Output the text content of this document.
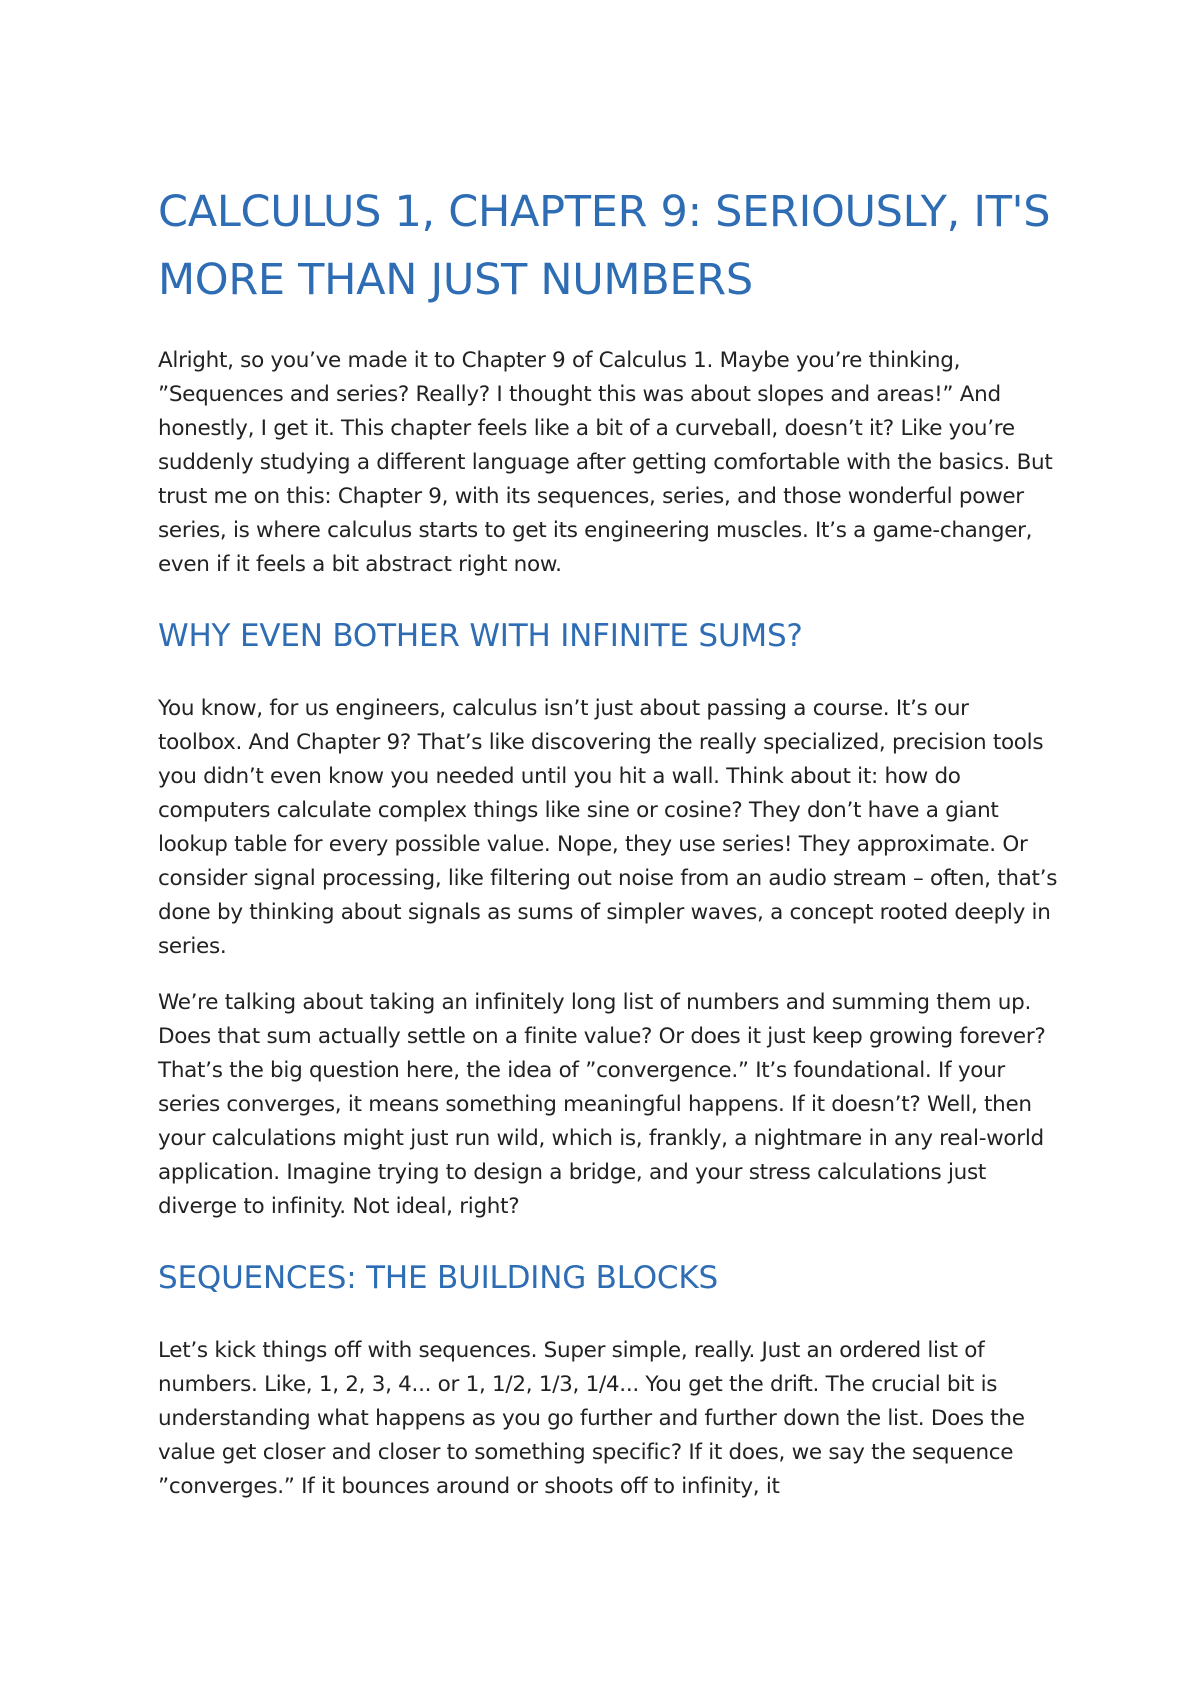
CALCULUS 1, CHAPTER 9: SERIOUSLY, IT'S MORE THAN JUST NUMBERS

Alright, so you’ve made it to Chapter 9 of Calculus 1. Maybe you’re thinking, ”Sequences and series? Really? I thought this was about slopes and areas!” And honestly, I get it. This chapter feels like a bit of a curveball, doesn’t it? Like you’re suddenly studying a different language after getting comfortable with the basics. But trust me on this: Chapter 9, with its sequences, series, and those wonderful power series, is where calculus starts to get its engineering muscles. It’s a game-changer, even if it feels a bit abstract right now.

WHY EVEN BOTHER WITH INFINITE SUMS?

You know, for us engineers, calculus isn’t just about passing a course. It’s our toolbox. And Chapter 9? That’s like discovering the really specialized, precision tools you didn’t even know you needed until you hit a wall. Think about it: how do computers calculate complex things like sine or cosine? They don’t have a giant lookup table for every possible value. Nope, they use series! They approximate. Or consider signal processing, like filtering out noise from an audio stream – often, that’s done by thinking about signals as sums of simpler waves, a concept rooted deeply in series.

We’re talking about taking an infinitely long list of numbers and summing them up. Does that sum actually settle on a finite value? Or does it just keep growing forever? That’s the big question here, the idea of ”convergence.” It’s foundational. If your series converges, it means something meaningful happens. If it doesn’t? Well, then your calculations might just run wild, which is, frankly, a nightmare in any real-world application. Imagine trying to design a bridge, and your stress calculations just diverge to infinity. Not ideal, right?

SEQUENCES: THE BUILDING BLOCKS

Let’s kick things off with sequences. Super simple, really. Just an ordered list of numbers. Like, 1, 2, 3, 4... or 1, 1/2, 1/3, 1/4... You get the drift. The crucial bit is understanding what happens as you go further and further down the list. Does the value get closer and closer to something specific? If it does, we say the sequence ”converges.” If it bounces around or shoots off to infinity, it
